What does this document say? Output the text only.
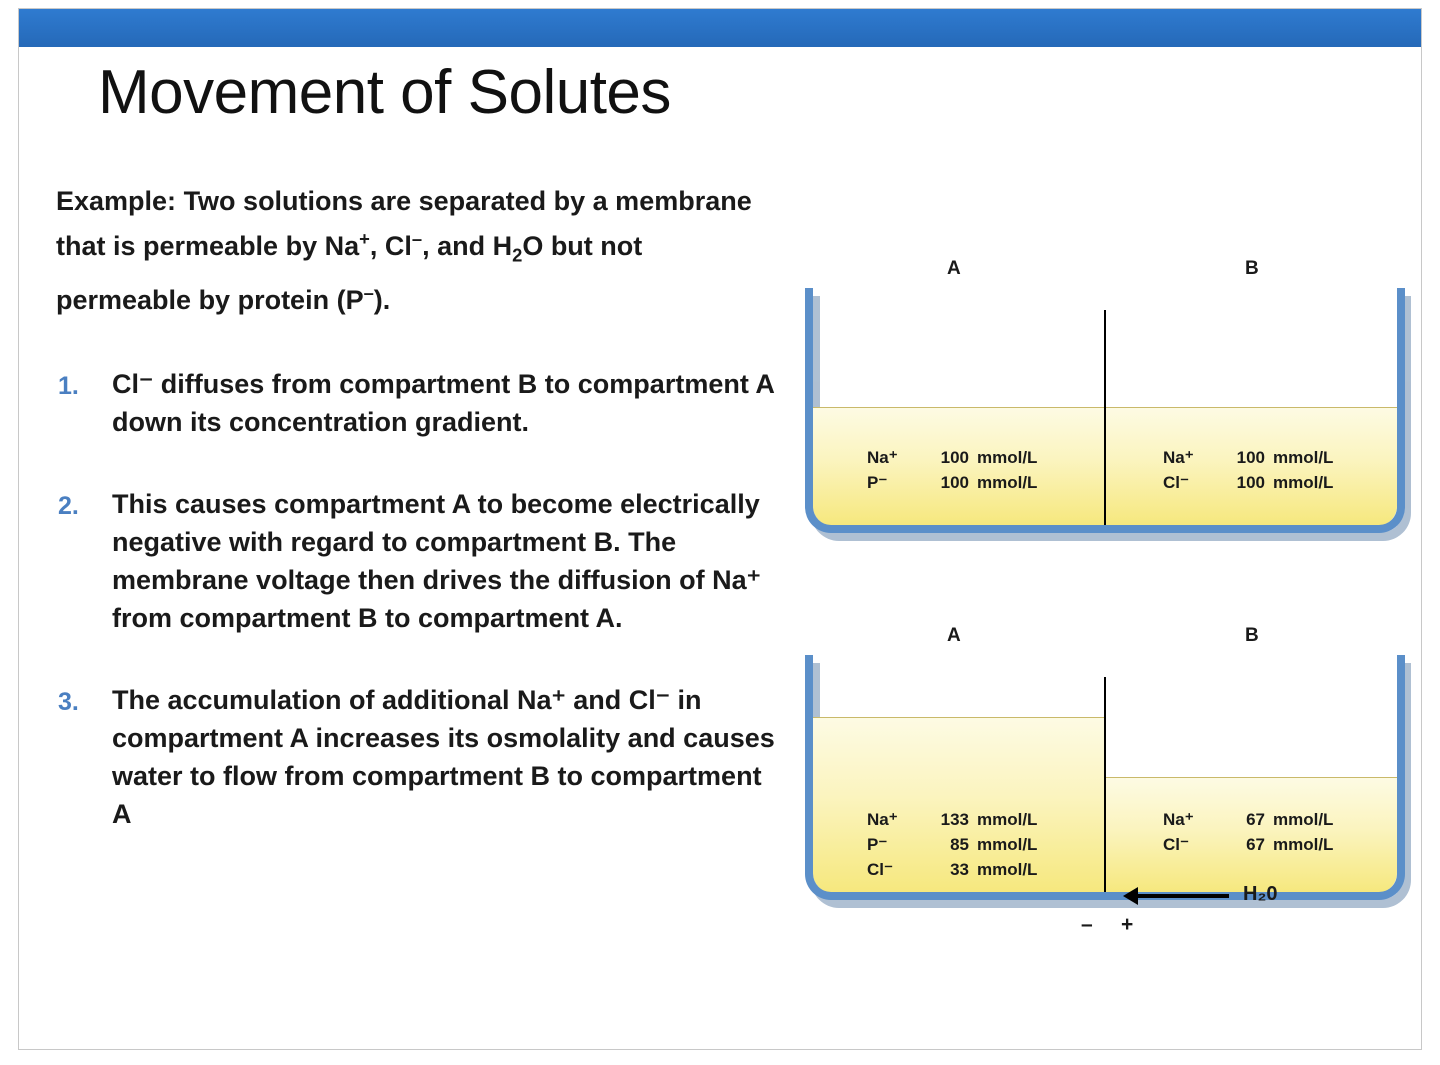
Movement of Solutes

Example: Two solutions are separated by a membrane that is permeable by Na+, Cl–, and $H_2O$ but not permeable by protein (P–).

1.	Cl⁻ diffuses from compartment B to compartment A down its concentration gradient.
2.	This causes compartment A to become electrically negative with regard to compartment B. The membrane voltage then drives the diffusion of Na⁺ from compartment B to compartment A.
3.	The accumulation of additional Na⁺ and Cl⁻ in compartment A increases its osmolality and causes water to flow from compartment B to compartment A
A	B
Na⁺	100 mmol/L
P⁻	100 mmol/L
Na⁺	100 mmol/L
Cl⁻	100 mmol/L
A	B
Na⁺	133 mmol/L
P⁻	85 mmol/L
Cl⁻	33 mmol/L
Na⁺	67 mmol/L
Cl⁻	67 mmol/L
H₂0
– +
